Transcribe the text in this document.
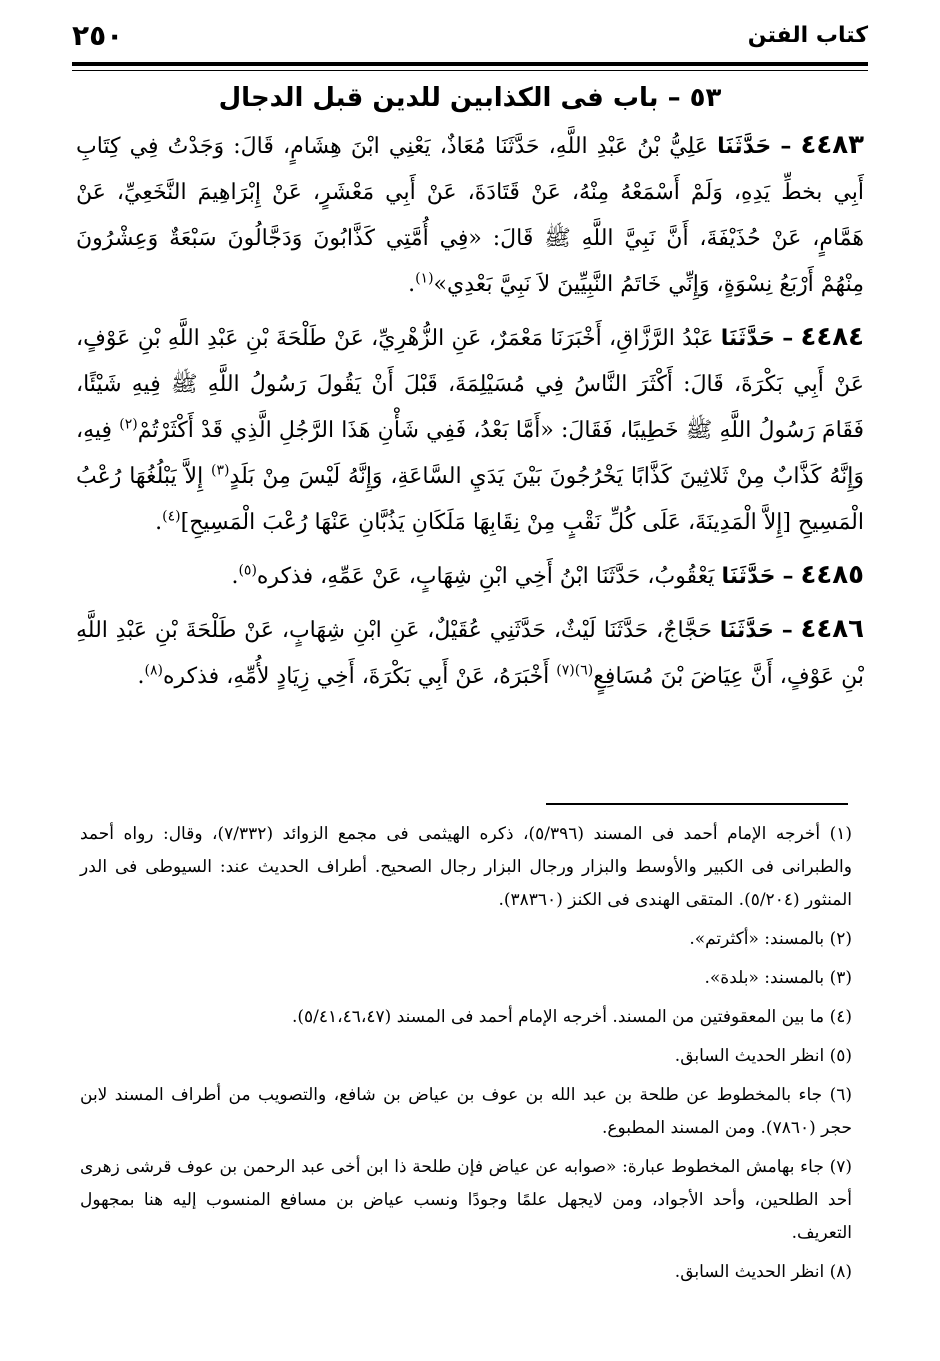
كتاب الفتن
٢٥٠
٥٣ – باب فى الكذابين للدين قبل الدجال

٤٤٨٣ – حَدَّثَنَا عَلِيُّ بْنُ عَبْدِ اللَّهِ، حَدَّثَنَا مُعَاذٌ، يَعْنِي ابْنَ هِشَامٍ، قَالَ: وَجَدْتُ فِي كِتَابِ أَبِي بخطِّ يَدِهِ، وَلَمْ أَسْمَعْهُ مِنْهُ، عَنْ قَتَادَةَ، عَنْ أَبِي مَعْشَرٍ، عَنْ إِبْرَاهِيمَ النَّخَعِيِّ، عَنْ هَمَّامٍ، عَنْ حُذَيْفَةَ، أَنَّ نَبِيَّ اللَّهِ ﷺ قَالَ: «فِي أُمَّتِي كَذَّابُونَ وَدَجَّالُونَ سَبْعَةٌ وَعِشْرُونَ مِنْهُمْ أَرْبَعُ نِسْوَةٍ، وَإِنِّي خَاتَمُ النَّبِيِّينَ لاَ نَبِيَّ بَعْدِي»$^{(١)}$.

٤٤٨٤ – حَدَّثَنَا عَبْدُ الرَّزَّاقِ، أَخْبَرَنَا مَعْمَرٌ، عَنِ الزُّهْرِيِّ، عَنْ طَلْحَةَ بْنِ عَبْدِ اللَّهِ بْنِ عَوْفٍ، عَنْ أَبِي بَكْرَةَ، قَالَ: أَكْثَرَ النَّاسُ فِي مُسَيْلِمَةَ، قَبْلَ أَنْ يَقُولَ رَسُولُ اللَّهِ ﷺ فِيهِ شَيْئًا، فَقَامَ رَسُولُ اللَّهِ ﷺ خَطِيبًا، فَقَالَ: «أَمَّا بَعْدُ، فَفِي شَأْنِ هَذَا الرَّجُلِ الَّذِي قَدْ أَكْثَرْتُمْ$^{(٢)}$ فِيهِ، وَإِنَّهُ كَذَّابٌ مِنْ ثَلاثِينَ كَذَّابًا يَخْرُجُونَ بَيْنَ يَدَيِ السَّاعَةِ، وَإِنَّهُ لَيْسَ مِنْ بَلَدٍ$^{(٣)}$ إِلاَّ يَبْلُغُهَا رُعْبُ الْمَسِيحِ [إِلاَّ الْمَدِينَةَ، عَلَى كُلِّ نَقْبٍ مِنْ نِقَابِهَا مَلَكَانِ يَذُبَّانِ عَنْهَا رُعْبَ الْمَسِيحِ]$^{(٤)}$.

٤٤٨٥ – حَدَّثَنَا يَعْقُوبُ، حَدَّثَنَا ابْنُ أَخِي ابْنِ شِهَابٍ، عَنْ عَمِّهِ، فذكره$^{(٥)}$.

٤٤٨٦ – حَدَّثَنَا حَجَّاجٌ، حَدَّثَنَا لَيْثٌ، حَدَّثَنِي عُقَيْلٌ، عَنِ ابْنِ شِهَابٍ، عَنْ طَلْحَةَ بْنِ عَبْدِ اللَّهِ بْنِ عَوْفٍ، أَنَّ عِيَاضَ بْنَ مُسَافِعٍ$^{(٦)(٧)}$ أَخْبَرَهُ، عَنْ أَبِي بَكْرَةَ، أَخِي زِيَادٍ لأُمِّهِ، فذكره$^{(٨)}$.

(١) أخرجه الإمام أحمد فى المسند (٥/٣٩٦)، ذكره الهيثمى فى مجمع الزوائد (٧/٣٣٢)، وقال: رواه أحمد والطبرانى فى الكبير والأوسط والبزار ورجال البزار رجال الصحيح. أطراف الحديث عند: السيوطى فى الدر المنثور (٥/٢٠٤). المتقى الهندى فى الكنز (٣٨٣٦٠).

(٢) بالمسند: «أكثرتم».

(٣) بالمسند: «بلدة».

(٤) ما بين المعقوفتين من المسند. أخرجه الإمام أحمد فى المسند (٥/٤١،٤٦،٤٧).

(٥) انظر الحديث السابق.

(٦) جاء بالمخطوط عن طلحة بن عبد الله بن عوف بن عياض بن شافع، والتصويب من أطراف المسند لابن حجر (٧٨٦٠). ومن المسند المطبوع.

(٧) جاء بهامش المخطوط عبارة: «صوابه عن عياض فإن طلحة ذا ابن أخى عبد الرحمن بن عوف قرشى زهرى أحد الطلحين، وأحد الأجواد، ومن لايجهل علمًا وجودًا ونسب عياض بن مسافع المنسوب إليه هنا بمجهول التعريف.

(٨) انظر الحديث السابق.
